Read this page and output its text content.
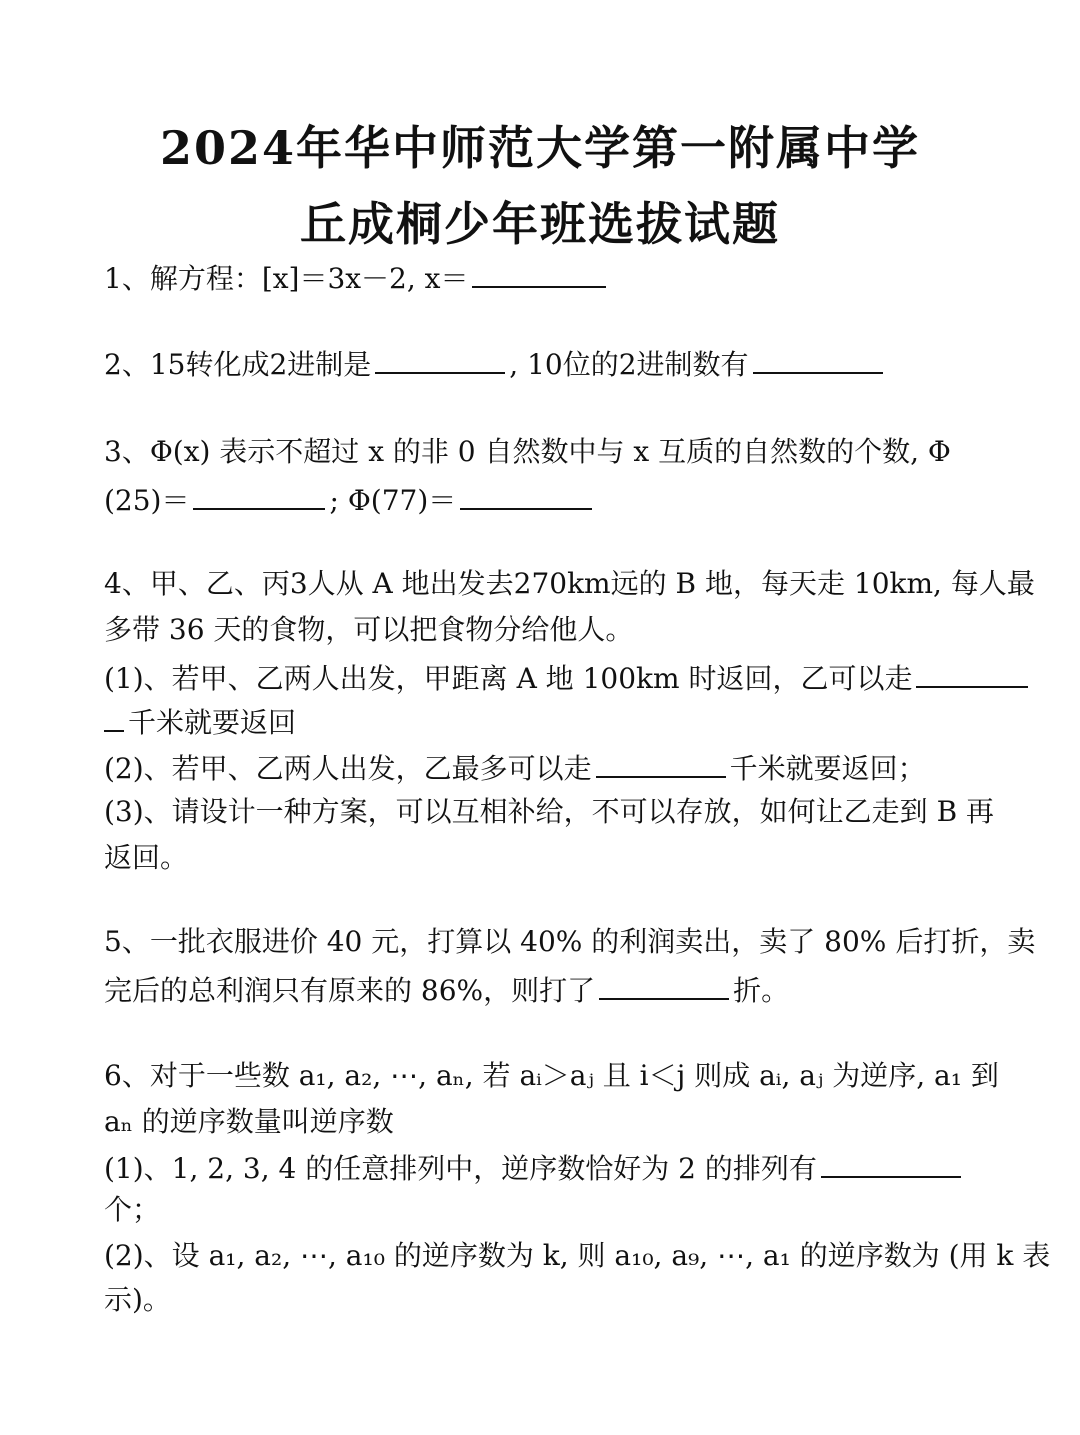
2024年华中师范大学第一附属中学
丘成桐少年班选拔试题
1、解方程：[x]＝3x－2, x＝
2、15转化成2进制是	, 10位的2进制数有
3、Φ(x) 表示不超过 x 的非 0 自然数中与 x 互质的自然数的个数, Φ
(25)＝	; Φ(77)＝
4、甲、乙、丙3人从 A 地出发去270km远的 B 地，每天走 10km, 每人最
多带 36 天的食物，可以把食物分给他人。
(1)、若甲、乙两人出发，甲距离 A 地 100km 时返回，乙可以走
千米就要返回
(2)、若甲、乙两人出发，乙最多可以走	千米就要返回；
(3)、请设计一种方案，可以互相补给，不可以存放，如何让乙走到 B 再
返回。
5、一批衣服进价 40 元，打算以 40% 的利润卖出，卖了 80% 后打折，卖
完后的总利润只有原来的 86%，则打了	折。
6、对于一些数 a₁, a₂, ⋯, aₙ, 若 aᵢ＞aⱼ 且 i＜j 则成 aᵢ, aⱼ 为逆序, a₁ 到
aₙ 的逆序数量叫逆序数
(1)、1, 2, 3, 4 的任意排列中，逆序数恰好为 2 的排列有
个；
(2)、设 a₁, a₂, ⋯, a₁₀ 的逆序数为 k, 则 a₁₀, a₉, ⋯, a₁ 的逆序数为 (用 k 表
示)。
